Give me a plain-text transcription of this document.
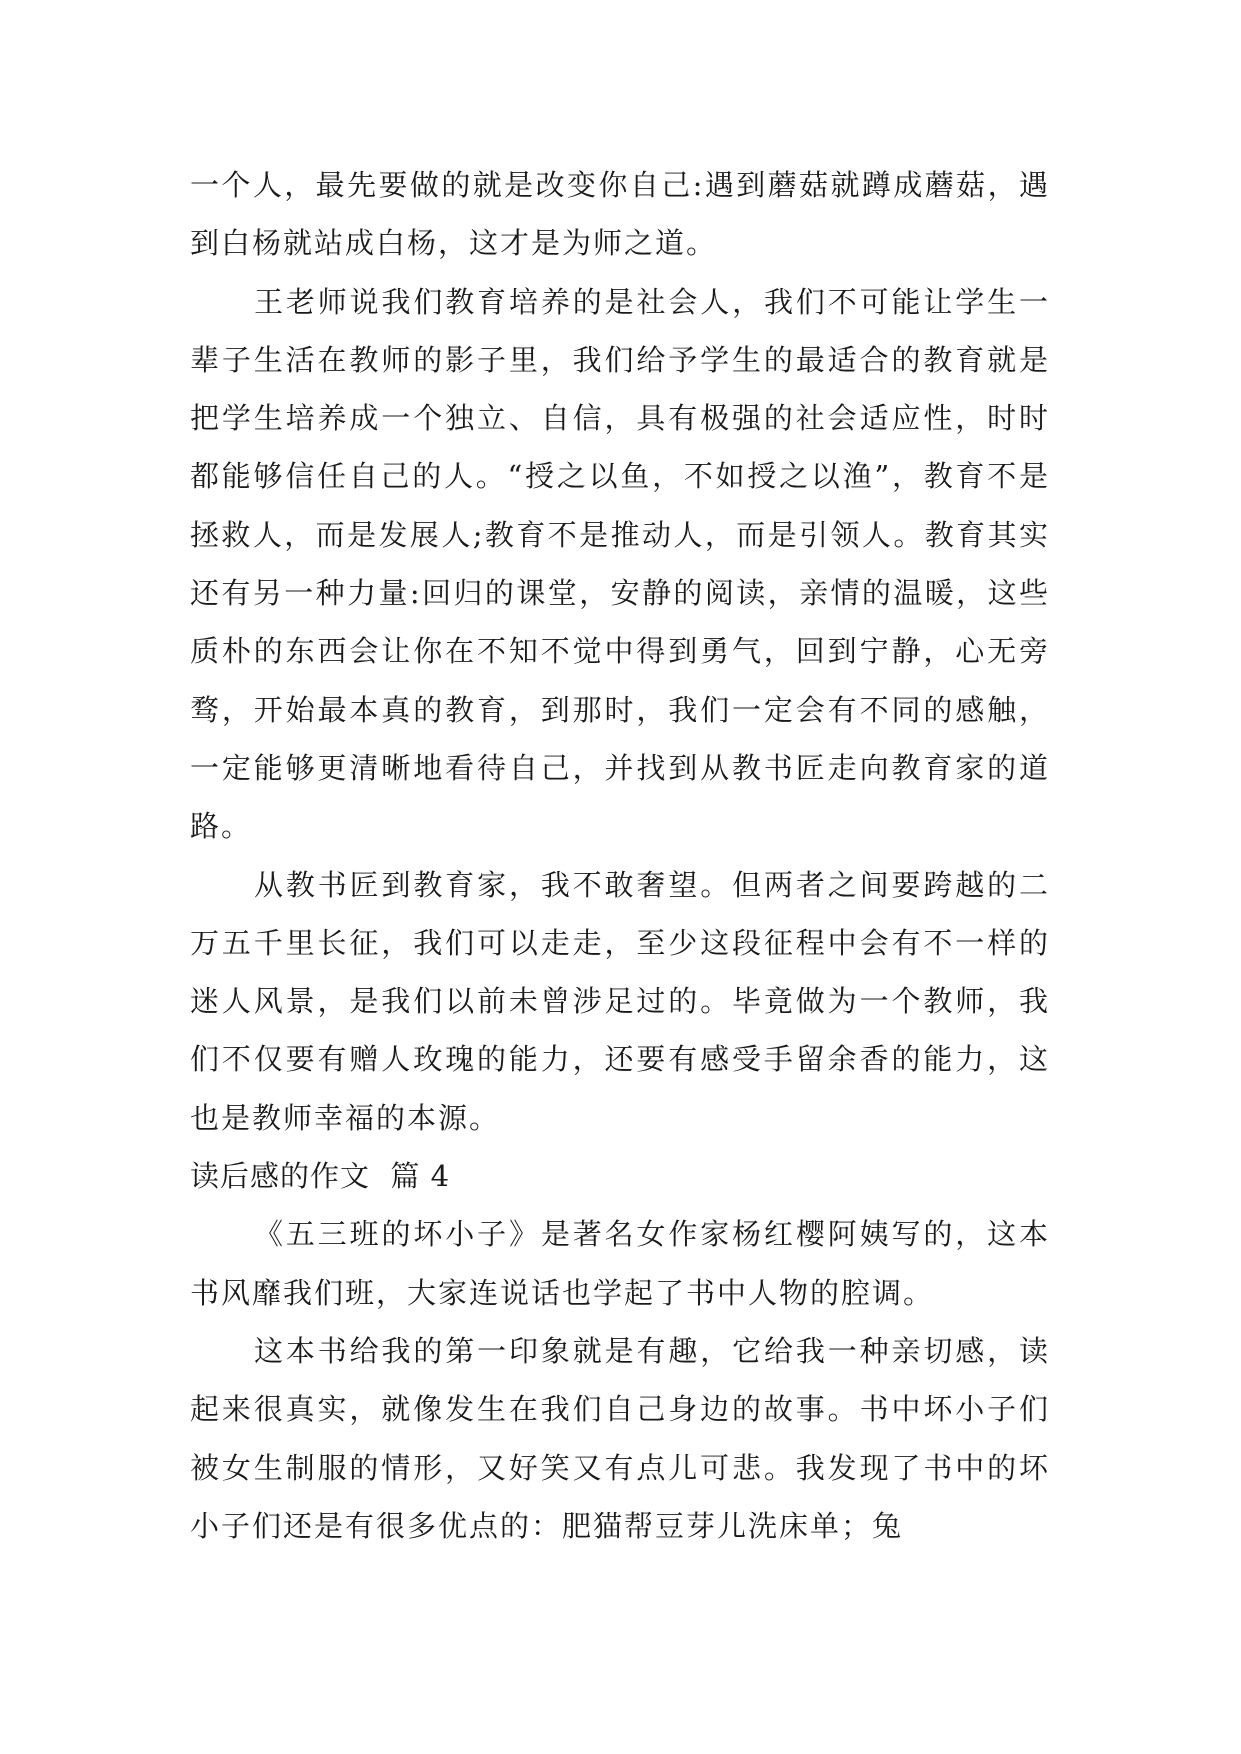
一个人，最先要做的就是改变你自己:遇到蘑菇就蹲成蘑菇，遇到白杨就站成白杨，这才是为师之道。

王老师说我们教育培养的是社会人，我们不可能让学生一辈子生活在教师的影子里，我们给予学生的最适合的教育就是把学生培养成一个独立、自信，具有极强的社会适应性，时时都能够信任自己的人。“授之以鱼，不如授之以渔”，教育不是拯救人，而是发展人;教育不是推动人，而是引领人。教育其实还有另一种力量:回归的课堂，安静的阅读，亲情的温暖，这些质朴的东西会让你在不知不觉中得到勇气，回到宁静，心无旁骛，开始最本真的教育，到那时，我们一定会有不同的感触，一定能够更清晰地看待自己，并找到从教书匠走向教育家的道路。

从教书匠到教育家，我不敢奢望。但两者之间要跨越的二万五千里长征，我们可以走走，至少这段征程中会有不一样的迷人风景，是我们以前未曾涉足过的。毕竟做为一个教师，我们不仅要有赠人玫瑰的能力，还要有感受手留余香的能力，这也是教师幸福的本源。

读后感的作文  篇 4

《五三班的坏小子》是著名女作家杨红樱阿姨写的，这本书风靡我们班，大家连说话也学起了书中人物的腔调。

这本书给我的第一印象就是有趣，它给我一种亲切感，读起来很真实，就像发生在我们自己身边的故事。书中坏小子们被女生制服的情形，又好笑又有点儿可悲。我发现了书中的坏小子们还是有很多优点的：肥猫帮豆芽儿洗床单；兔
